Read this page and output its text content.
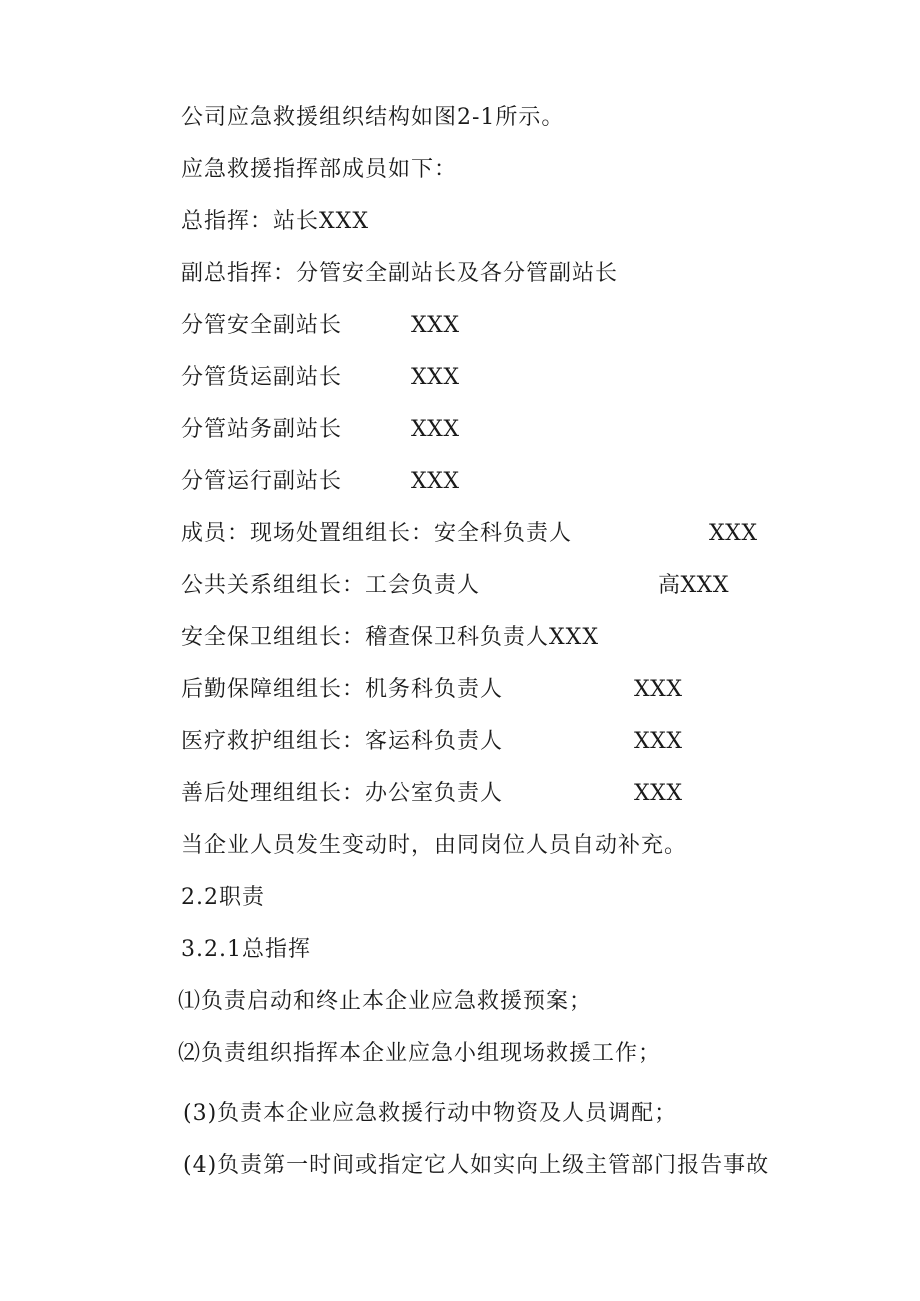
公司应急救援组织结构如图2-1所示。
应急救援指挥部成员如下：
总指挥：站长XXX
副总指挥：分管安全副站长及各分管副站长
分管安全副站长	XXX
分管货运副站长	XXX
分管站务副站长	XXX
分管运行副站长	XXX
成员：现场处置组组长：安全科负责人	XXX
公共关系组组长：工会负责人	高XXX
安全保卫组组长：稽查保卫科负责人XXX
后勤保障组组长：机务科负责人	XXX
医疗救护组组长：客运科负责人	XXX
善后处理组组长：办公室负责人	XXX
当企业人员发生变动时，由同岗位人员自动补充。
2.2职责
3.2.1总指挥
⑴负责启动和终止本企业应急救援预案；
⑵负责组织指挥本企业应急小组现场救援工作；
(3)负责本企业应急救援行动中物资及人员调配；
(4)负责第一时间或指定它人如实向上级主管部门报告事故
